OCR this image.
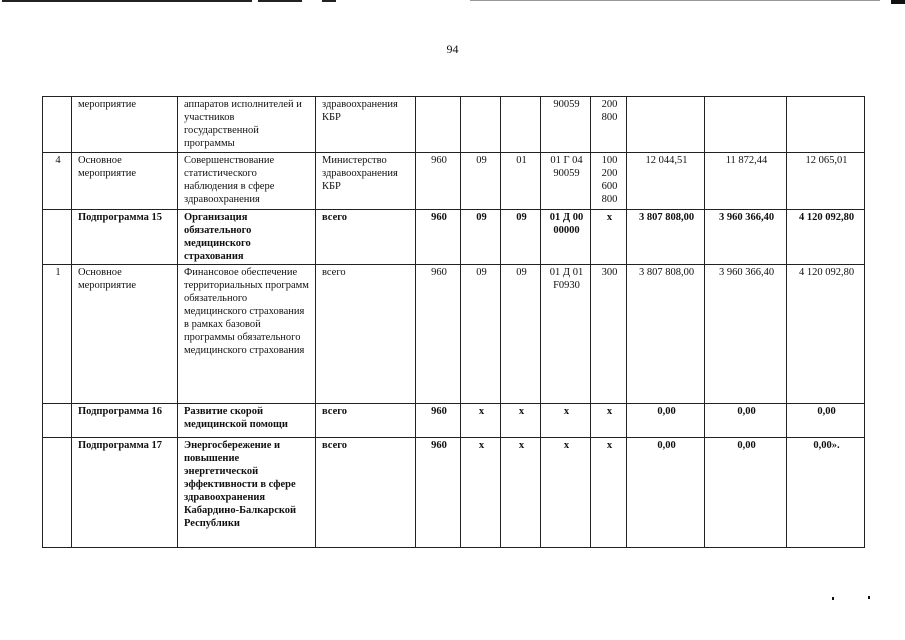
94
	мероприятие	аппаратов исполнителей и участников государственной программы	здравоохранения КБР				90059	200 800			
4	Основное мероприятие	Совершенствование статистического наблюдения в сфере здравоохранения	Министерство здравоохранения КБР	960	09	01	01 Г 04 90059	100 200 600 800	12 044,51	11 872,44	12 065,01
	Подпрограмма 15	Организация обязательного медицинского страхования	всего	960	09	09	01 Д 00 00000	х	3 807 808,00	3 960 366,40	4 120 092,80
1	Основное мероприятие	Финансовое обеспечение территориальных программ обязательного медицинского страхования в рамках базовой программы обязательного медицинского страхования	всего	960	09	09	01 Д 01 F0930	300	3 807 808,00	3 960 366,40	4 120 092,80
	Подпрограмма 16	Развитие скорой медицинской помощи	всего	960	х	х	х	х	0,00	0,00	0,00
	Подпрограмма 17	Энергосбережение и повышение энергетической эффективности в сфере здравоохранения Кабардино-Балкарской Республики	всего	960	х	х	х	х	0,00	0,00	0,00».
